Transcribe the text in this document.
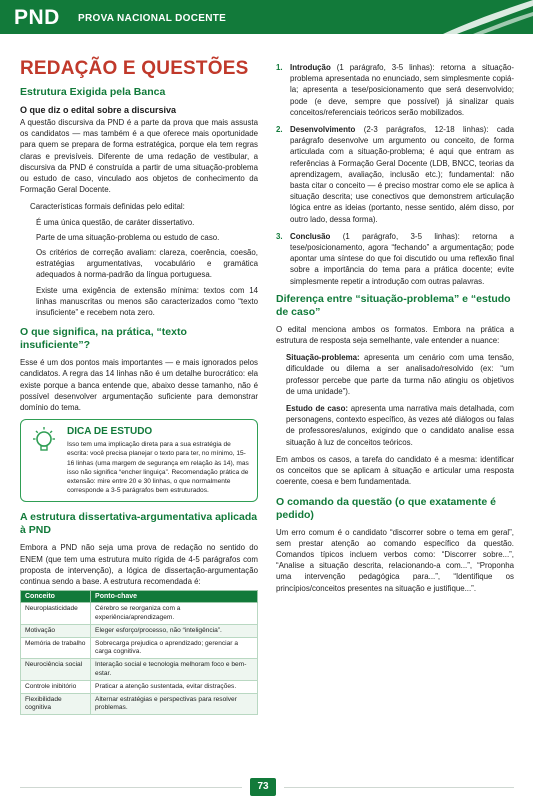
PND PROVA NACIONAL DOCENTE
REDAÇÃO E QUESTÕES
Estrutura Exigida pela Banca
O que diz o edital sobre a discursiva
A questão discursiva da PND é a parte da prova que mais assusta os candidatos — mas também é a que oferece mais oportunidade para quem se prepara de forma estratégica, porque ela tem regras claras e previsíveis. Diferente de uma redação de vestibular, a discursiva da PND é construída a partir de uma situação-problema ou estudo de caso, vinculado aos objetos de conhecimento da Formação Geral Docente.
Características formais definidas pelo edital:
É uma única questão, de caráter dissertativo.
Parte de uma situação-problema ou estudo de caso.
Os critérios de correção avaliam: clareza, coerência, coesão, estratégias argumentativas, vocabulário e gramática adequados à norma-padrão da língua portuguesa.
Existe uma exigência de extensão mínima: textos com 14 linhas manuscritas ou menos são caracterizados como “texto insuficiente” e recebem nota zero.
O que significa, na prática, “texto insuficiente”?
Esse é um dos pontos mais importantes — e mais ignorados pelos candidatos. A regra das 14 linhas não é um detalhe burocrático: ela existe porque a banca entende que, abaixo desse tamanho, não é possível desenvolver argumentação suficiente para demonstrar domínio do tema.
DICA DE ESTUDO
Isso tem uma implicação direta para a sua estratégia de escrita: você precisa planejar o texto para ter, no mínimo, 15-16 linhas (uma margem de segurança em relação às 14), mas isso não significa “encher linguiça”. Recomendação prática de extensão: mire entre 20 e 30 linhas, o que normalmente corresponde a 3-5 parágrafos bem estruturados.
A estrutura dissertativa-argumentativa aplicada à PND
Embora a PND não seja uma prova de redação no sentido do ENEM (que tem uma estrutura muito rígida de 4-5 parágrafos com proposta de intervenção), a lógica de dissertação-argumentação continua sendo a base. A estrutura recomendada é:
Conceito	Ponto-chave
Neuroplasticidade	Cérebro se reorganiza com a experiência/aprendizagem.
Motivação	Eleger esforço/processo, não “inteligência”.
Memória de trabalho	Sobrecarga prejudica o aprendizado; gerenciar a carga cognitiva.
Neurociência social	Interação social e tecnologia melhoram foco e bem-estar.
Controle inibitório	Praticar a atenção sustentada, evitar distrações.
Flexibilidade cognitiva	Alternar estratégias e perspectivas para resolver problemas.
1. Introdução (1 parágrafo, 3-5 linhas): retorna a situação-problema apresentada no enunciado, sem simplesmente copiá-la; apresenta a tese/posicionamento que será desenvolvido; pode (e deve, sempre que possível) já sinalizar quais conceitos/referenciais teóricos serão mobilizados.
2. Desenvolvimento (2-3 parágrafos, 12-18 linhas): cada parágrafo desenvolve um argumento ou conceito, de forma articulada com a situação-problema; é aqui que entram as referências à Formação Geral Docente (LDB, BNCC, teorias da aprendizagem, avaliação, inclusão etc.); fundamental: não basta citar o conceito — é preciso mostrar como ele se aplica à situação descrita; use conectivos que demonstrem articulação lógica entre as ideias (portanto, nesse sentido, além disso, por outro lado, dessa forma).
3. Conclusão (1 parágrafo, 3-5 linhas): retorna a tese/posicionamento, agora “fechando” a argumentação; pode apontar uma síntese do que foi discutido ou uma reflexão final sobre a importância do tema para a prática docente; evite simplesmente repetir a introdução com outras palavras.
Diferença entre “situação-problema” e “estudo de caso”
O edital menciona ambos os formatos. Embora na prática a estrutura de resposta seja semelhante, vale entender a nuance:
Situação-problema: apresenta um cenário com uma tensão, dificuldade ou dilema a ser analisado/resolvido (ex: “um professor percebe que parte da turma não atingiu os objetivos de uma unidade”).
Estudo de caso: apresenta uma narrativa mais detalhada, com personagens, contexto específico, às vezes até diálogos ou falas de professores/alunos, exigindo que o candidato analise essa situação à luz de conceitos teóricos.
Em ambos os casos, a tarefa do candidato é a mesma: identificar os conceitos que se aplicam à situação e articular uma resposta coerente, coesa e bem fundamentada.
O comando da questão (o que exatamente é pedido)
Um erro comum é o candidato “discorrer sobre o tema em geral”, sem prestar atenção ao comando específico da questão. Comandos típicos incluem verbos como: “Discorrer sobre...”, “Analise a situação descrita, relacionando-a com...”, “Proponha uma intervenção pedagógica para...”, “Identifique os princípios/conceitos presentes na situação e justifique...”.
73
